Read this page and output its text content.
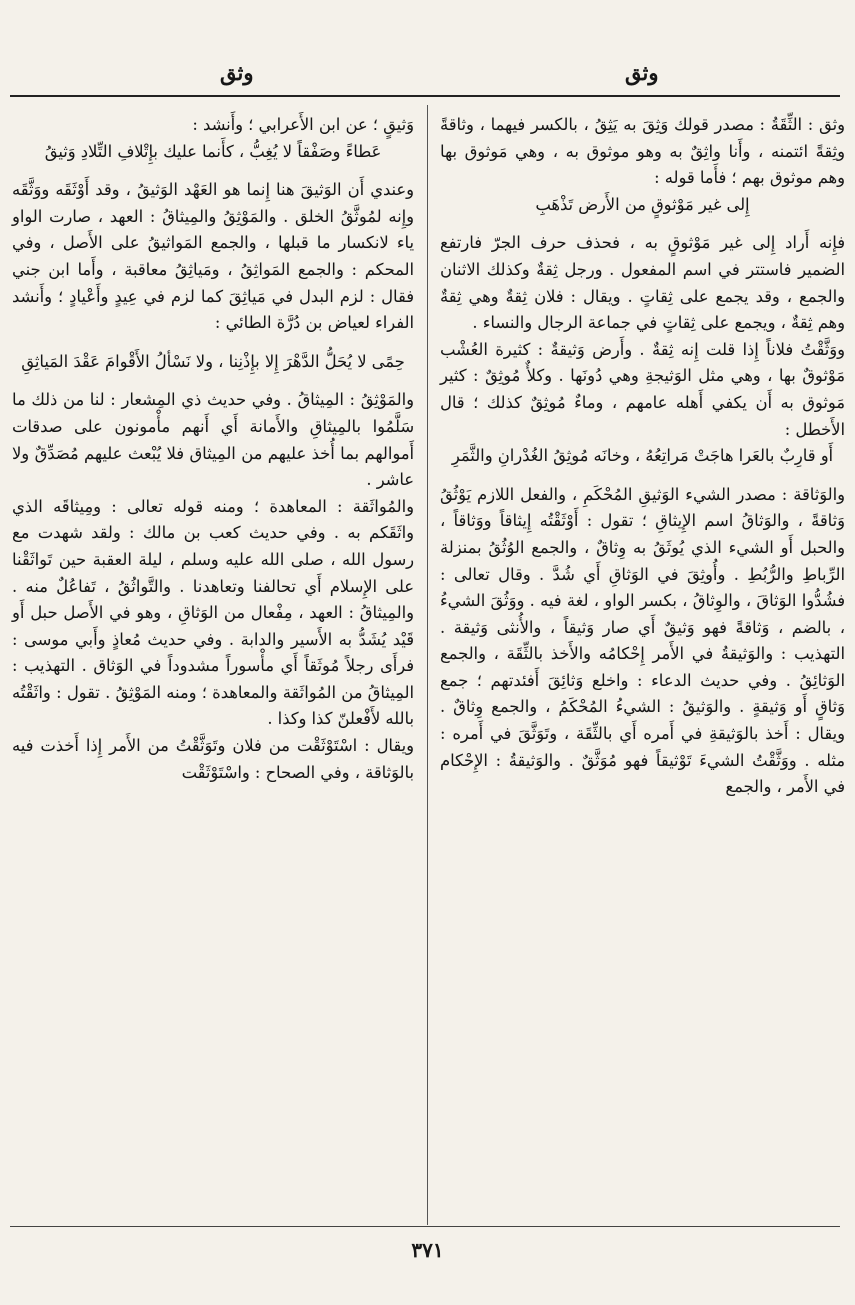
وثق	وثق

وثق : الثِّقَةُ : مصدر قولك وَثِقَ به يَثِقُ ، بالكسر فيهما ، وثاقةً وثِقةً ائتمنه ، وأَنا واثِقٌ به وهو موثوق به ، وهي مَوثوق بها وهم موثوق بهم ؛ فأَما قوله :

إِلى غير مَوْثوقٍ من الأَرض تَذْهَبِ

فإِنه أَراد إِلى غير مَوْثوقٍ به ، فحذف حرف الجرّ فارتفع الضمير فاستتر في اسم المفعول . ورجل ثِقةٌ وكذلك الاثنان والجمع ، وقد يجمع على ثِقاتٍ . ويقال : فلان ثِقةٌ وهي ثِقةٌ وهم ثِقةٌ ، ويجمع على ثِقاتٍ في جماعة الرجال والنساء .

ووَثَّقْتُ فلاناً إِذا قلت إِنه ثِقةٌ . وأَرض وَثيقةٌ : كثيرة العُشْب مَوْثوقٌ بها ، وهي مثل الوَثيجةِ وهي دُونَها . وكلأٌ مُوثِقٌ : كثير مَوثوق به أَن يكفي أَهله عامهم ، وماءٌ مُوثِقٌ كذلك ؛ قال الأَخطل :

أَو قارِبٌ بالعَرا هاجَتْ مَراتِعُهُ ، وخانَه مُوثِقُ الغُدْرانِ والثَّمَرِ

والوَثاقة : مصدر الشيء الوَثيقِ المُحْكَمِ ، والفعل اللازم يَوْثُقُ وَثاقةً ، والوَثاقُ اسم الإِيثاقِ ؛ تقول : أَوْثَقْتُه إِيثاقاً ووَثاقاً ، والحبل أَو الشيء الذي يُوثَقُ به وِثاقٌ ، والجمع الوُثُقُ بمنزلة الرِّباطِ والرُّبُطِ . وأُوثِقَ في الوَثاقِ أَي شُدَّ . وقال تعالى : فشُدُّوا الوَثاقَ ، والوِثاقُ ، بكسر الواو ، لغة فيه . ووَثُقَ الشيءُ ، بالضم ، وَثاقةً فهو وَثيقٌ أَي صار وَثيقاً ، والأُنثى وَثيقة . التهذيب : والوَثيقةُ في الأَمر إِحْكامُه والأَخذ بالثِّقَة ، والجمع الوَثائِقُ . وفي حديث الدعاء : واخلع وَثائِقَ أَفئدتهم ؛ جمع وَثاقٍ أَو وَثيقةٍ . والوَثيقُ : الشيءُ المُحْكَمُ ، والجمع وِثاقٌ . ويقال : أَخذ بالوَثيقةِ في أَمره أَي بالثِّقَة ، وتَوَثَّقَ في أَمره : مثله . ووَثَّقْتُ الشيءَ تَوْثيقاً فهو مُوَثَّقٌ . والوَثيقةُ : الإِحْكام في الأَمر ، والجمع

وَثيقٍ ؛ عن ابن الأَعرابي ؛ وأَنشد :

عَطاءً وصَفْقاً لا يُغِبُّ ، كأَنما عليك بإِتْلافِ التِّلادِ وَثيقُ

وعندي أَن الوَثيقَ هنا إِنما هو العَهْد الوَثيقُ ، وقد أَوْثَقَه ووَثَّقَه وإِنه لمُوثَّقُ الخلق . والمَوْثِقُ والمِيثاقُ : العهد ، صارت الواو ياء لانكسار ما قبلها ، والجمع المَواثيقُ على الأَصل ، وفي المحكم : والجمع المَواثِقُ ، ومَياثِقُ معاقبة ، وأَما ابن جني فقال : لزم البدل في مَياثِقَ كما لزم في عِيدٍ وأَعْيادٍ ؛ وأَنشد الفراء لعياض بن دُرَّة الطائي :

حِمًى لا يُحَلُّ الدَّهْرَ إِلا بإِذْنِنا ، ولا نَسْألُ الأَقْوامَ عَقْدَ المَياثِقِ

والمَوْثِقُ : المِيثاقُ . وفي حديث ذي المِشعار : لنا من ذلك ما سَلَّمُوا بالمِيثاقِ والأَمانة أَي أَنهم مأْمونون على صدقات أَموالهم بما أُخذ عليهم من المِيثاق فلا يُبْعث عليهم مُصَدِّقٌ ولا عاشر .

والمُواثَقة : المعاهدة ؛ ومنه قوله تعالى : ومِيثاقَه الذي واثَقَكم به . وفي حديث كعب بن مالك : ولقد شهدت مع رسول الله ، صلى الله عليه وسلم ، ليلة العقبة حين تَواثَقْنا على الإِسلام أَي تحالفنا وتعاهدنا . والتَّواثُقُ ، تَفاعُلٌ منه . والمِيثاقُ : العهد ، مِفْعال من الوَثاقِ ، وهو في الأَصل حبل أَو قَيْد يُشَدُّ به الأَسير والدابة . وفي حديث مُعاذٍ وأَبي موسى : فرأَى رجلاً مُوثَقاً أَي مأْسوراً مشدوداً في الوَثاق . التهذيب : المِيثاقُ من المُواثَقة والمعاهدة ؛ ومنه المَوْثِقُ . تقول : واثَقْتُه بالله لأَفْعلنّ كذا وكذا .

ويقال : اسْتَوْثَقْت من فلان وتَوَثَّقْتُ من الأَمر إِذا أَخذت فيه بالوَثاقة ، وفي الصحاح : واسْتَوْثَقْت

٣٧١
